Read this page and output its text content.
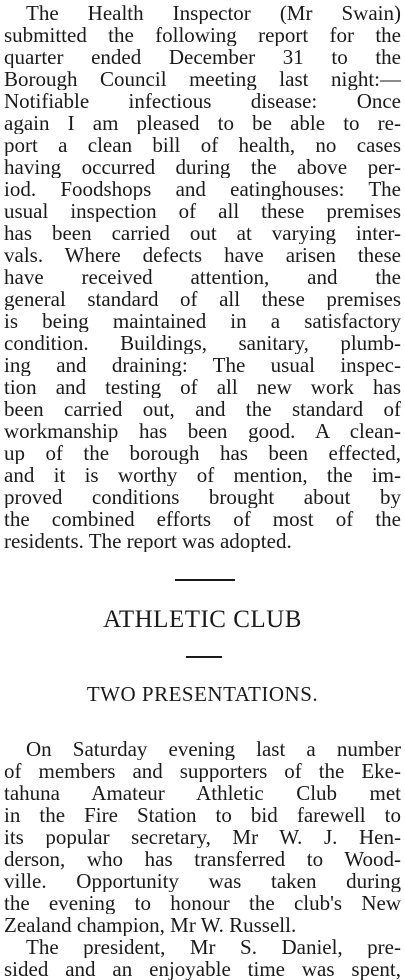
The Health Inspector (Mr Swain)
submitted the following report for the
quarter ended December 31 to the
Borough Council meeting last night:—
Notifiable infectious disease: Once
again I am pleased to be able to re-
port a clean bill of health, no cases
having occurred during the above per-
iod. Foodshops and eatinghouses: The
usual inspection of all these premises
has been carried out at varying inter-
vals. Where defects have arisen these
have received attention, and the
general standard of all these premises
is being maintained in a satisfactory
condition. Buildings, sanitary, plumb-
ing and draining: The usual inspec-
tion and testing of all new work has
been carried out, and the standard of
workmanship has been good. A clean-
up of the borough has been effected,
and it is worthy of mention, the im-
proved conditions brought about by
the combined efforts of most of the
residents. The report was adopted.
ATHLETIC CLUB
TWO PRESENTATIONS.
On Saturday evening last a number
of members and supporters of the Eke-
tahuna Amateur Athletic Club met
in the Fire Station to bid farewell to
its popular secretary, Mr W. J. Hen-
derson, who has transferred to Wood-
ville. Opportunity was taken during
the evening to honour the club's New
Zealand champion, Mr W. Russell.
The president, Mr S. Daniel, pre-
sided and an enjoyable time was spent,
